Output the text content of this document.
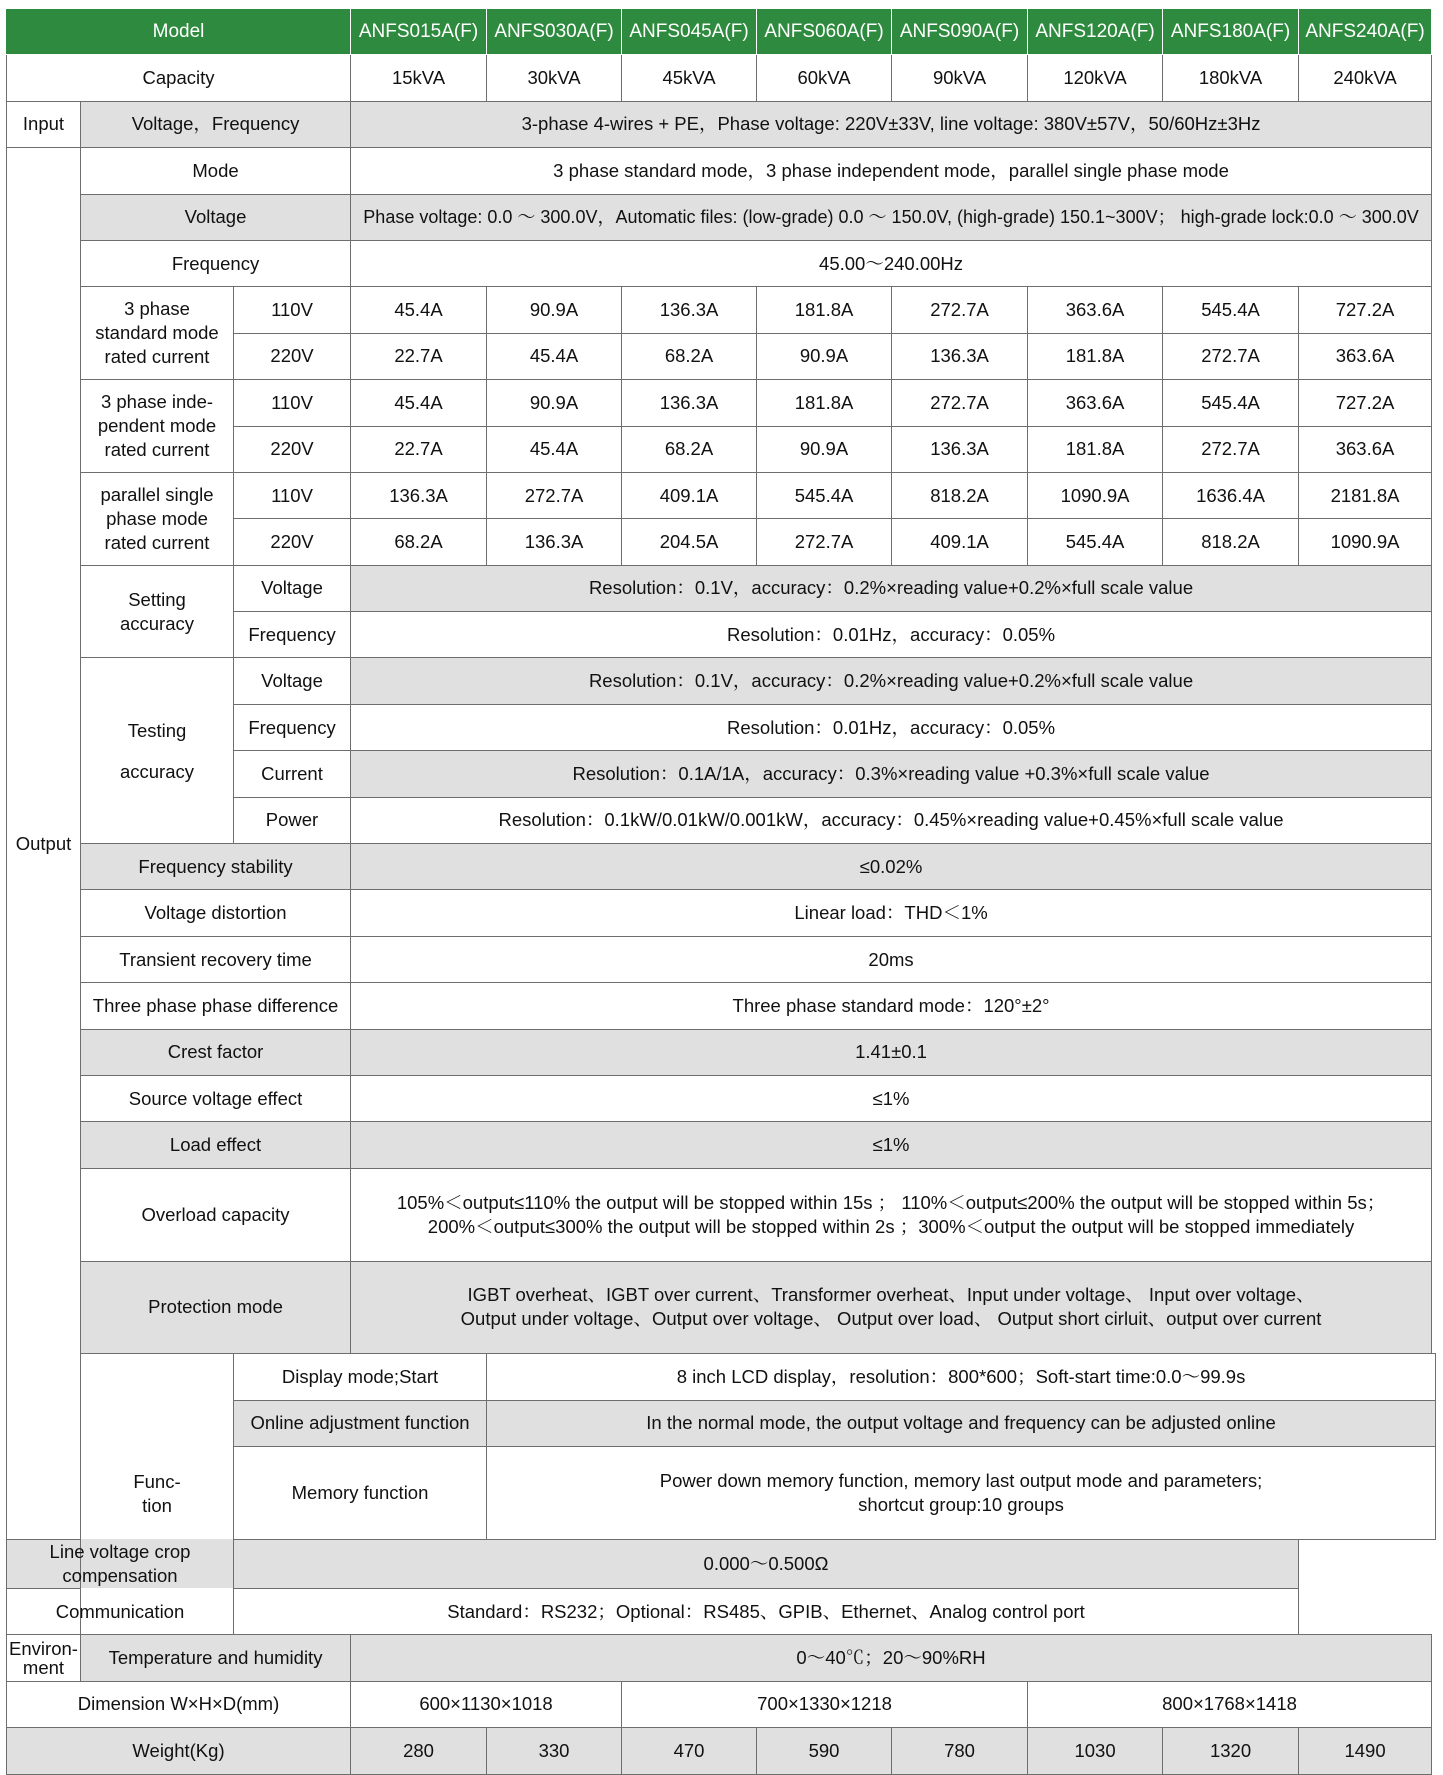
Model			ANFS015A(F)	ANFS030A(F)	ANFS045A(F)	ANFS060A(F)	ANFS090A(F)	ANFS120A(F)	ANFS180A(F)	ANFS240A(F)
Capacity			15kVA	30kVA	45kVA	60kVA	90kVA	120kVA	180kVA	240kVA
Input	Voltage，Frequency		3-phase 4-wires + PE，Phase voltage: 220V±33V, line voltage: 380V±57V，50/60Hz±3Hz							
Output	Mode		3 phase standard mode，3 phase independent mode，parallel single phase mode							
	Voltage		Phase voltage: 0.0 ～ 300.0V，Automatic files: (low-grade) 0.0 ～ 150.0V, (high-grade) 150.1~300V； high-grade lock:0.0 ～ 300.0V							
	Frequency		45.00～240.00Hz							

	3 phase
standard mode
rated current	110V	45.4A	90.9A	136.3A	181.8A	272.7A	363.6A	545.4A	727.2A
		220V	22.7A	45.4A	68.2A	90.9A	136.3A	181.8A	272.7A	363.6A

	3 phase inde-
pendent mode
rated current	110V	45.4A	90.9A	136.3A	181.8A	272.7A	363.6A	545.4A	727.2A
		220V	22.7A	45.4A	68.2A	90.9A	136.3A	181.8A	272.7A	363.6A

	parallel single
phase mode
rated current	110V	136.3A	272.7A	409.1A	545.4A	818.2A	1090.9A	1636.4A	2181.8A
		220V	68.2A	136.3A	204.5A	272.7A	409.1A	545.4A	818.2A	1090.9A

	Setting
accuracy	Voltage	Resolution：0.1V，accuracy：0.2%×reading value+0.2%×full scale value							
		Frequency	Resolution：0.01Hz，accuracy：0.05%							

	Testing
accuracy	Voltage	Resolution：0.1V，accuracy：0.2%×reading value+0.2%×full scale value							
		Frequency	Resolution：0.01Hz，accuracy：0.05%							
		Current	Resolution：0.1A/1A，accuracy：0.3%×reading value +0.3%×full scale value							
		Power	Resolution：0.1kW/0.01kW/0.001kW，accuracy：0.45%×reading value+0.45%×full scale value							
	Frequency stability		≤0.02%							
	Voltage distortion		Linear load：THD＜1%							
	Transient recovery time		20ms							
	Three phase phase difference		Three phase standard mode：120°±2°							
	Crest factor		1.41±0.1							
	Source voltage effect		≤1%							
	Load effect		≤1%							
	Overload capacity		105%＜output≤110% the output will be stopped within 15s ； 110%＜output≤200% the output will be stopped within 5s；
200%＜output≤300% the output will be stopped within 2s ；300%＜output the output will be stopped immediately							

	Protection mode		IGBT overheat、IGBT over current、Transformer overheat、Input under voltage、 Input over voltage、
Output under voltage、Output over voltage、 Output over load、 Output short cirluit、output over current							

	Func-
tion	Display mode;Start		8 inch LCD display，resolution：800*600；Soft-start time:0.0～99.9s						
		Online adjustment function		In the normal mode, the output voltage and frequency can be adjusted online						
		Memory function		Power down memory function, memory last output mode and parameters;
shortcut group:10 groups						

Line voltage crop compensation		0.000～0.500Ω								
Communication		Standard：RS232；Optional：RS485、GPIB、Ethernet、Analog control port								

Environ-
ment	Temperature and humidity		0～40℃；20～90%RH							
Dimension W×H×D(mm)			600×1130×1018		700×1330×1218			800×1768×1418		
Weight(Kg)			280	330	470	590	780	1030	1320	1490
